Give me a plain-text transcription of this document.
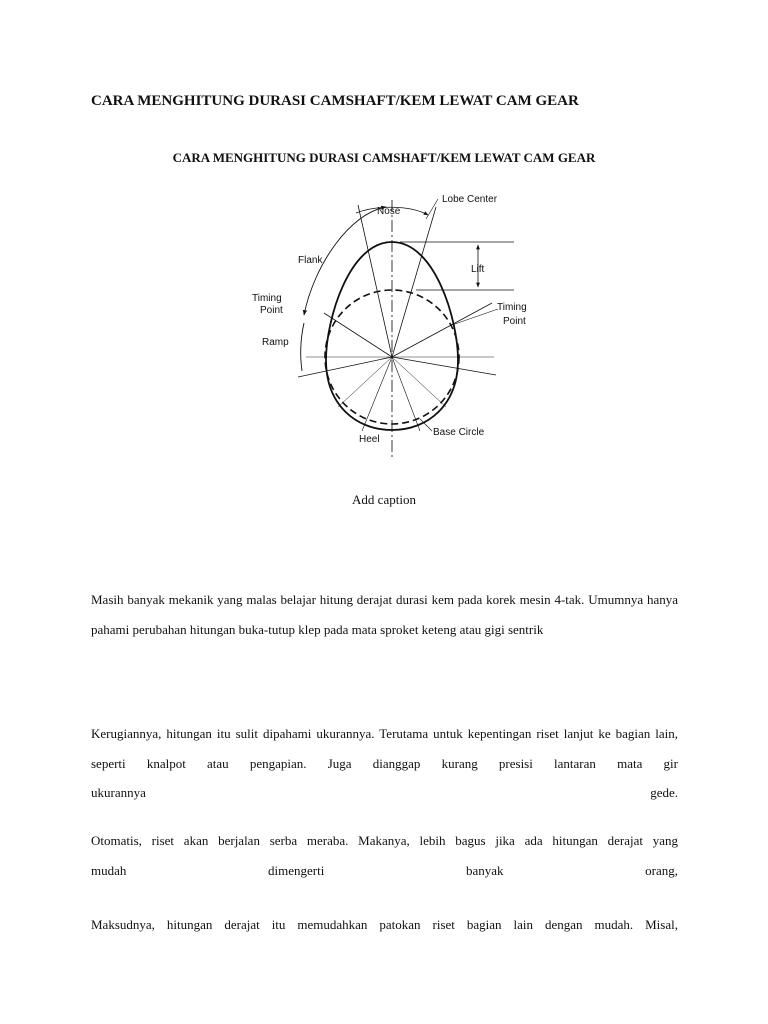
CARA MENGHITUNG DURASI CAMSHAFT/KEM LEWAT CAM GEAR
CARA MENGHITUNG DURASI CAMSHAFT/KEM LEWAT CAM GEAR
Lobe Center
Nose
Flank
Lift
Timing
Point	Timing
Point
Ramp
Base Circle
Heel
Add caption
Masih banyak mekanik yang malas belajar hitung derajat durasi kem pada korek mesin 4-tak. Umumnya hanya pahami perubahan hitungan buka-tutup klep pada mata sproket keteng atau gigi sentrik
Kerugiannya, hitungan itu sulit dipahami ukurannya. Terutama untuk kepentingan riset lanjut ke bagian lain, seperti knalpot atau pengapian. Juga dianggap kurang presisi lantaran mata gir
ukurannya	gede.
Otomatis, riset akan berjalan serba meraba. Makanya, lebih bagus jika ada hitungan derajat yang
mudah	dimengerti	banyak	orang,
Maksudnya, hitungan derajat itu memudahkan patokan riset bagian lain dengan mudah. Misal,
